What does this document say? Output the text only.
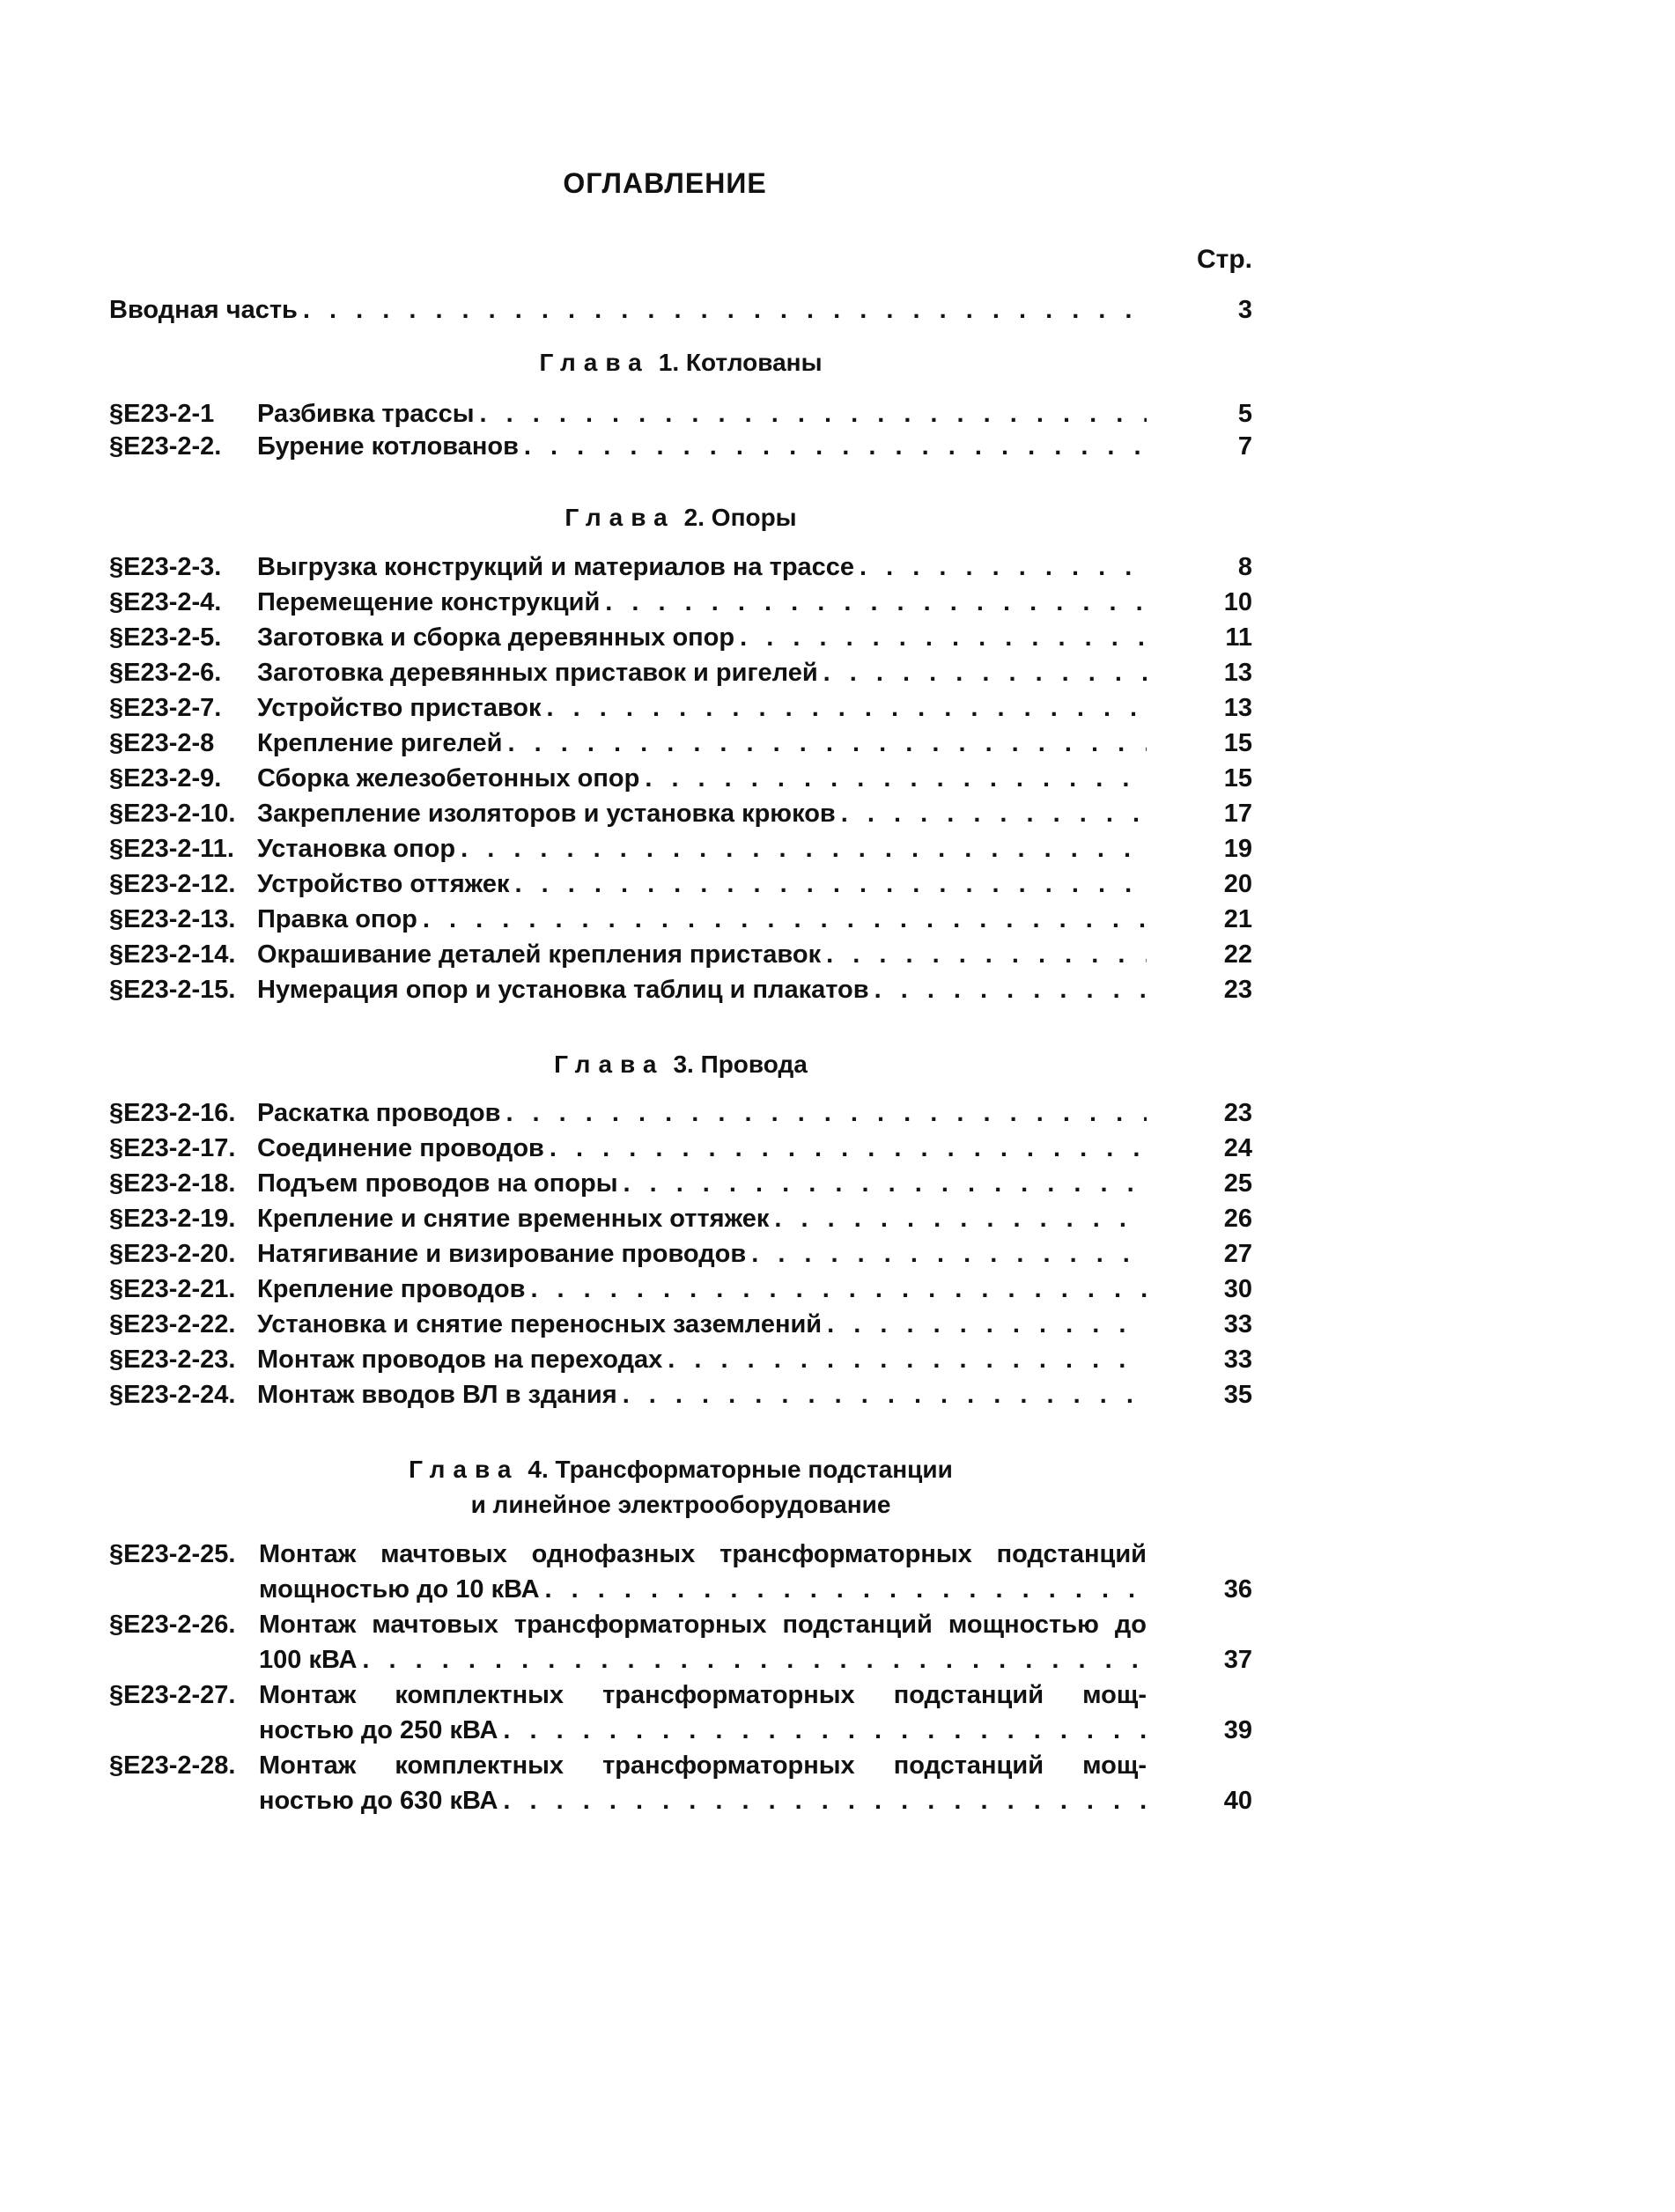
ОГЛАВЛЕНИЕ
Стр.
Вводная часть . . .	3
Глава 1. Котлованы
§E23-2-1 Разбивка трассы . . .	5
§E23-2-2. Бурение котлованов . . .	7
Глава 2. Опоры
§E23-2-3. Выгрузка конструкций и материалов на трассе . . .	8
§E23-2-4. Перемещение конструкций . . .	10
§E23-2-5. Заготовка и сборка деревянных опор . . .	11
§E23-2-6. Заготовка деревянных приставок и ригелей . . .	13
§E23-2-7. Устройство приставок . . .	13
§E23-2-8 Крепление ригелей . . .	15
§E23-2-9. Сборка железобетонных опор . . .	15
§E23-2-10. Закрепление изоляторов и установка крюков . . .	17
§E23-2-11. Установка опор . . .	19
§E23-2-12. Устройство оттяжек . . .	20
§E23-2-13. Правка опор . . .	21
§E23-2-14. Окрашивание деталей крепления приставок . . .	22
§E23-2-15. Нумерация опор и установка таблиц и плакатов . . .	23
Глава 3. Провода
§E23-2-16. Раскатка проводов . . .	23
§E23-2-17. Соединение проводов . . .	24
§E23-2-18. Подъем проводов на опоры . . .	25
§E23-2-19. Крепление и снятие временных оттяжек . . .	26
§E23-2-20. Натягивание и визирование проводов . . .	27
§E23-2-21. Крепление проводов . . .	30
§E23-2-22. Установка и снятие переносных заземлений . . .	33
§E23-2-23. Монтаж проводов на переходах . . .	33
§E23-2-24. Монтаж вводов ВЛ в здания . . .	35
Глава 4. Трансформаторные подстанции
и линейное электрооборудование
§E23-2-25. Монтаж мачтовых однофазных трансформаторных подстанций
мощностью до 10 кВА . . .	36
§E23-2-26. Монтаж мачтовых трансформаторных подстанций мощностью до
100 кВА . . .	37
§E23-2-27. Монтаж комплектных трансформаторных подстанций мощ-
ностью до 250 кВА . . .	39
§E23-2-28. Монтаж комплектных трансформаторных подстанций мощ-
ностью до 630 кВА . . .	40
